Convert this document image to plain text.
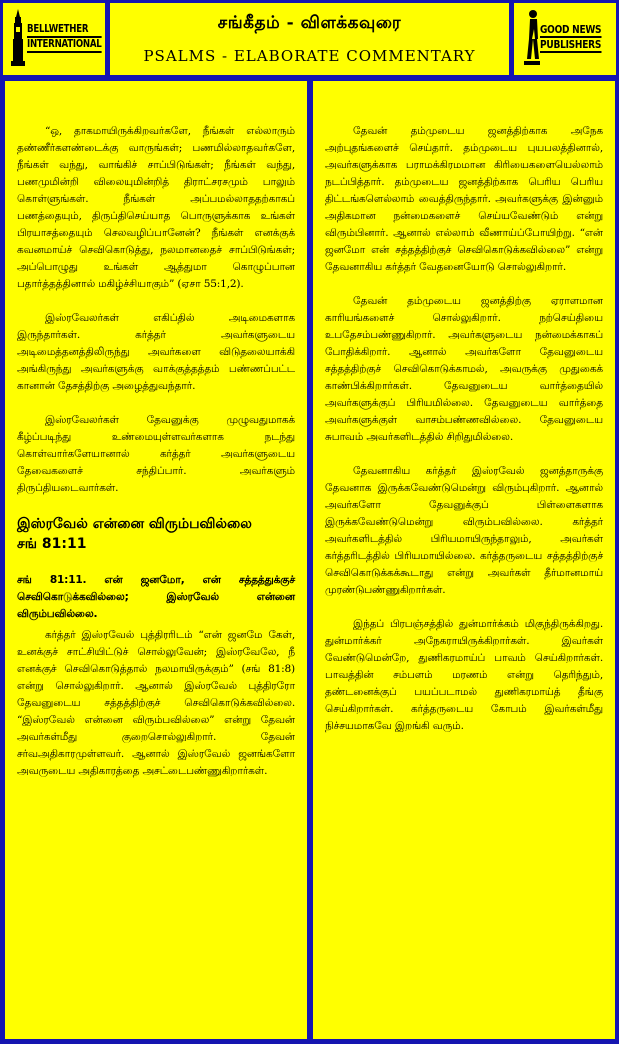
BELLWETHER
INTERNATIONAL
சங்கீதம் - விளக்கவுரை
PSALMS - ELABORATE COMMENTARY
GOOD NEWS
PUBLISHERS

“ஒ, தாகமாயிருக்கிறவர்களே, நீங்கள் எல்லாரும் தண்ணீர்களண்டைக்கு வாருங்கள்; பணமில்லாதவர்களே, நீங்கள் வந்து, வாங்கிச் சாப்பிடுங்கள்; நீங்கள் வந்து, பணமுமின்றி விலையுமின்றித் திராட்சரசமும் பாலும் கொள்ளுங்கள். நீங்கள் அப்பமல்லாததற்காகப் பணத்தையும், திருப்திசெய்யாத பொருளுக்காக உங்கள் பிரயாசத்தையும் செலவழிப்பானேன்? நீங்கள் எனக்குக் கவனமாய்ச் செவிகொடுத்து, நலமானதைச் சாப்பிடுங்கள்; அப்பொழுது உங்கள் ஆத்துமா கொழுப்பான பதார்த்தத்தினால் மகிழ்ச்சியாகும்” (ஏசா 55:1,2).

இஸ்ரவேலர்கள் எகிப்தில் அடிமைகளாக இருந்தார்கள். கர்த்தர் அவர்களுடைய அடிமைத்தனத்திலிருந்து அவர்களை விடுதலையாக்கி அங்கிருந்து அவர்களுக்கு வாக்குத்தத்தம் பண்ணப்பட்ட கானான் தேசத்திற்கு அழைத்துவந்தார்.

இஸ்ரவேலர்கள் தேவனுக்கு முழுவதுமாகக் கீழ்ப்படிந்து உண்மையுள்ளவர்களாக நடந்து கொள்வார்களேயானால் கர்த்தர் அவர்களுடைய தேவைகளைச் சந்திப்பார். அவர்களும் திருப்தியடைவார்கள்.

இஸ்ரவேல் என்னை விரும்பவில்லை
சங் 81:11

சங் 81:11. என் ஜனமோ, என் சத்தத்துக்குச் செவிகொடுக்கவில்லை; இஸ்ரவேல் என்னை விரும்பவில்லை.

கர்த்தர் இஸ்ரவேல் புத்திரரிடம் “என் ஜனமே கேள், உனக்குச் சாட்சியிட்டுச் சொல்லுவேன்; இஸ்ரவேலே, நீ எனக்குச் செவிகொடுத்தால் நலமாயிருக்கும்” (சங் 81:8) என்று சொல்லுகிறார். ஆனால் இஸ்ரவேல் புத்திரரோ தேவனுடைய சத்தத்திற்குச் செவிகொடுக்கவில்லை. “இஸ்ரவேல் என்னை விரும்பவில்லை” என்று தேவன் அவர்கள்மீது குறைசொல்லுகிறார். தேவன் சர்வஅதிகாரமுள்ளவர். ஆனால் இஸ்ரவேல் ஜனங்களோ அவருடைய அதிகாரத்தை அசட்டைபண்ணுகிறார்கள்.

தேவன் தம்முடைய ஜனத்திற்காக அநேக அற்புதங்களைச் செய்தார். தம்முடைய புயபலத்தினால், அவர்களுக்காக பராமக்கிரமமான கிரியைகளையெல்லாம் நடப்பித்தார். தம்முடைய ஜனத்திற்காக பெரிய பெரிய திட்டங்களெல்லாம் வைத்திருந்தார். அவர்களுக்கு இன்னும் அதிகமான நன்மைகளைச் செய்யவேண்டும் என்று விரும்பினார். ஆனால் எல்லாம் வீணாய்ப்போயிற்று. “என் ஜனமோ என் சத்தத்திற்குச் செவிகொடுக்கவில்லை” என்று தேவனாகிய கர்த்தர் வேதனையோடு சொல்லுகிறார்.

தேவன் தம்முடைய ஜனத்திற்கு ஏராளமான காரியங்களைச் சொல்லுகிறார். நற்செய்தியை உபதேசம்பண்ணுகிறார். அவர்களுடைய நன்மைக்காகப் போதிக்கிறார். ஆனால் அவர்களோ தேவனுடைய சத்தத்திற்குச் செவிகொடுக்காமல், அவருக்கு முதுகைக் காண்பிக்கிறார்கள். தேவனுடைய வார்த்தையில் அவர்களுக்குப் பிரியமில்லை. தேவனுடைய வார்த்தை அவர்களுக்குள் வாசம்பண்ணவில்லை. தேவனுடைய சுபாவம் அவர்களிடத்தில் சிறிதுமில்லை.

தேவனாகிய கர்த்தர் இஸ்ரவேல் ஜனத்தாருக்கு தேவனாக இருக்கவேண்டுமென்று விரும்புகிறார். ஆனால் அவர்களோ தேவனுக்குப் பிள்ளைகளாக இருக்கவேண்டுமென்று விரும்பவில்லை. கர்த்தர் அவர்களிடத்தில் பிரியமாயிருந்தாலும், அவர்கள் கர்த்தரிடத்தில் பிரியமாயில்லை. கர்த்தருடைய சத்தத்திற்குச் செவிகொடுக்கக்கூடாது என்று அவர்கள் தீர்மானமாய் முரண்டுபண்ணுகிறார்கள்.

இந்தப் பிரபஞ்சத்தில் துன்மார்க்கம் மிகுந்திருக்கிறது. துன்மார்க்கர் அநேகராயிருக்கிறார்கள். இவர்கள் வேண்டுமென்றே, துணிகரமாய்ப் பாவம் செய்கிறார்கள். பாவத்தின் சம்பளம் மரணம் என்று தெரிந்தும், தண்டனைக்குப் பயப்படாமல் துணிகரமாய்த் தீங்கு செய்கிறார்கள். கர்த்தருடைய கோபம் இவர்கள்மீது நிச்சயமாகவே இறங்கி வரும்.
